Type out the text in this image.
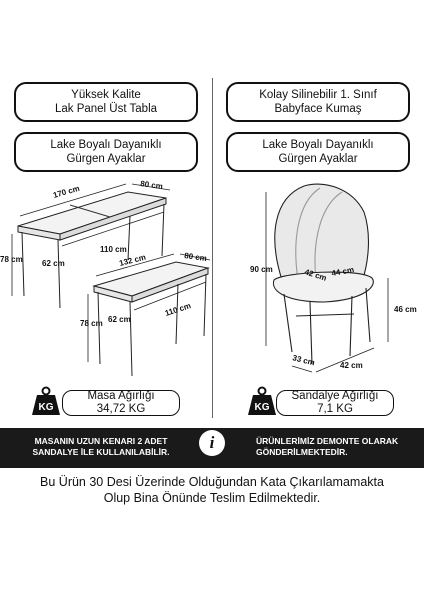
Yüksek Kalite
Lak Panel Üst Tabla
Kolay Silinebilir 1. Sınıf
Babyface Kumaş
Lake Boyalı Dayanıklı
Gürgen Ayaklar
Lake Boyalı Dayanıklı
Gürgen Ayaklar
170 cm	80 cm
110 cm
62 cm
78 cm	132 cm	80 cm
110 cm
62 cm
78 cm
90 cm
46 cm
42 cm 44 cm
33 cm	42 cm
KG
Masa Ağırlığı
34,72 KG	KG
Sandalye Ağırlığı
7,1 KG
MASANIN UZUN KENARI 2 ADET SANDALYE İLE KULLANILABİLİR.	i	ÜRÜNLERİMİZ DEMONTE OLARAK GÖNDERİLMEKTEDİR.
Bu Ürün 30 Desi Üzerinde Olduğundan Kata Çıkarılamamakta
Olup Bina Önünde Teslim Edilmektedir.
